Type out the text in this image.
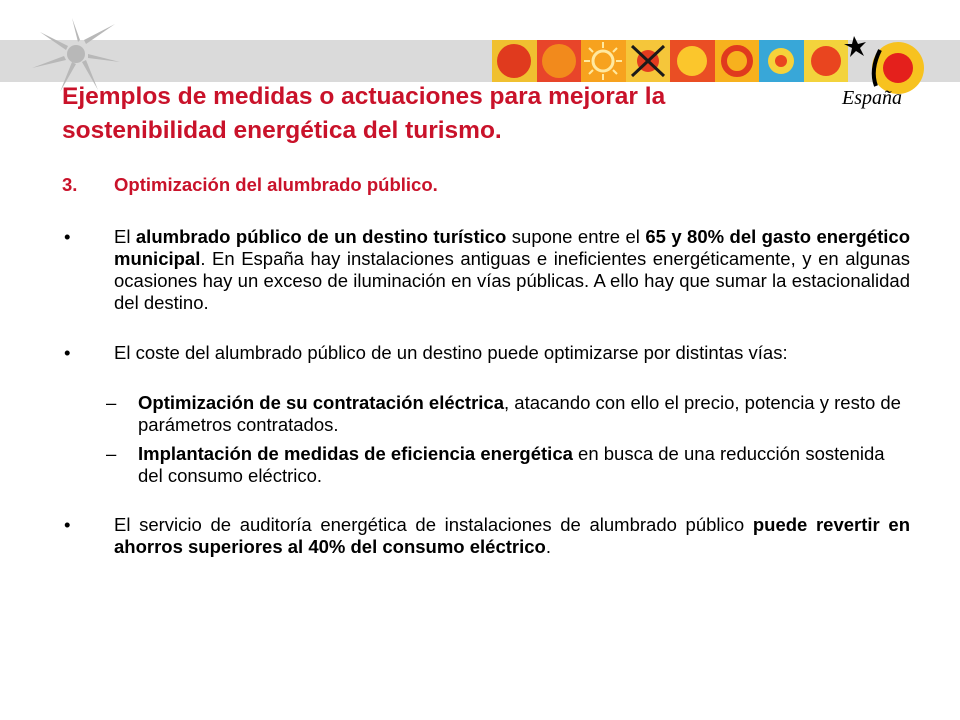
España
Ejemplos de medidas o actuaciones para mejorar la
sostenibilidad energética del turismo.
3.	Optimización del alumbrado público.
•	El alumbrado público de un destino turístico supone entre el 65 y 80% del gasto energético municipal. En España hay instalaciones antiguas e ineficientes energéticamente, y en algunas ocasiones hay un exceso de iluminación en vías públicas. A ello hay que sumar la estacionalidad del destino.
•	El coste del alumbrado público de un destino puede optimizarse por distintas vías:
–	Optimización de su contratación eléctrica, atacando con ello el precio, potencia y resto de parámetros contratados.
–	Implantación de medidas de eficiencia energética en busca de una reducción sostenida del consumo eléctrico.
•	El servicio de auditoría energética de instalaciones de alumbrado público puede revertir en ahorros superiores al 40% del consumo eléctrico.
